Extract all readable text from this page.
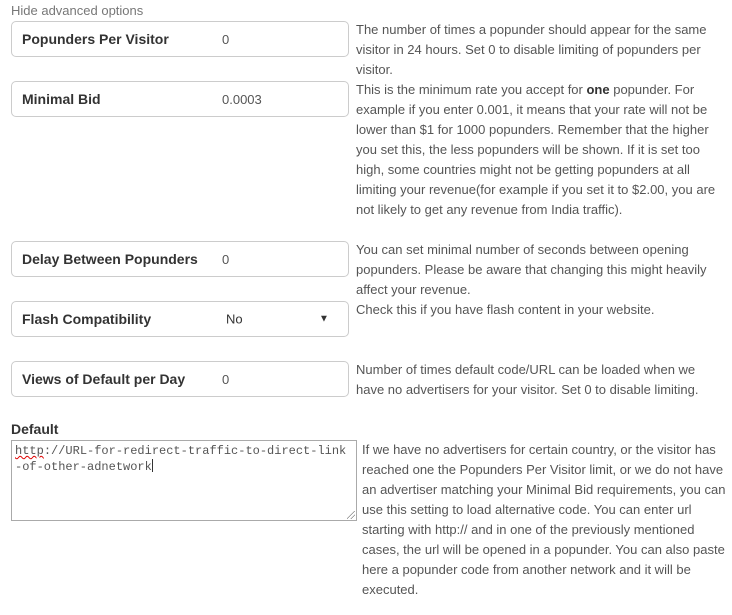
Hide advanced options
Popunders Per Visitor
0
The number of times a popunder should appear for the same visitor in 24 hours. Set 0 to disable limiting of popunders per visitor.
Minimal Bid
0.0003
This is the minimum rate you accept for one popunder. For example if you enter 0.001, it means that your rate will not be lower than $1 for 1000 popunders. Remember that the higher you set this, the less popunders will be shown. If it is set too high, some countries might not be getting popunders at all limiting your revenue(for example if you set it to $2.00, you are not likely to get any revenue from India traffic).
Delay Between Popunders
0
You can set minimal number of seconds between opening popunders. Please be aware that changing this might heavily affect your revenue.
Flash Compatibility	No	▼
Check this if you have flash content in your website.
Views of Default per Day
0
Number of times default code/URL can be loaded when we have no advertisers for your visitor. Set 0 to disable limiting.
Default
http://URL-for-redirect-traffic-to-direct-link-of-other-adnetwork
If we have no advertisers for certain country, or the visitor has reached one the Popunders Per Visitor limit, or we do not have an advertiser matching your Minimal Bid requirements, you can use this setting to load alternative code. You can enter url starting with http:// and in one of the previously mentioned cases, the url will be opened in a popunder. You can also paste here a popunder code from another network and it will be executed.
